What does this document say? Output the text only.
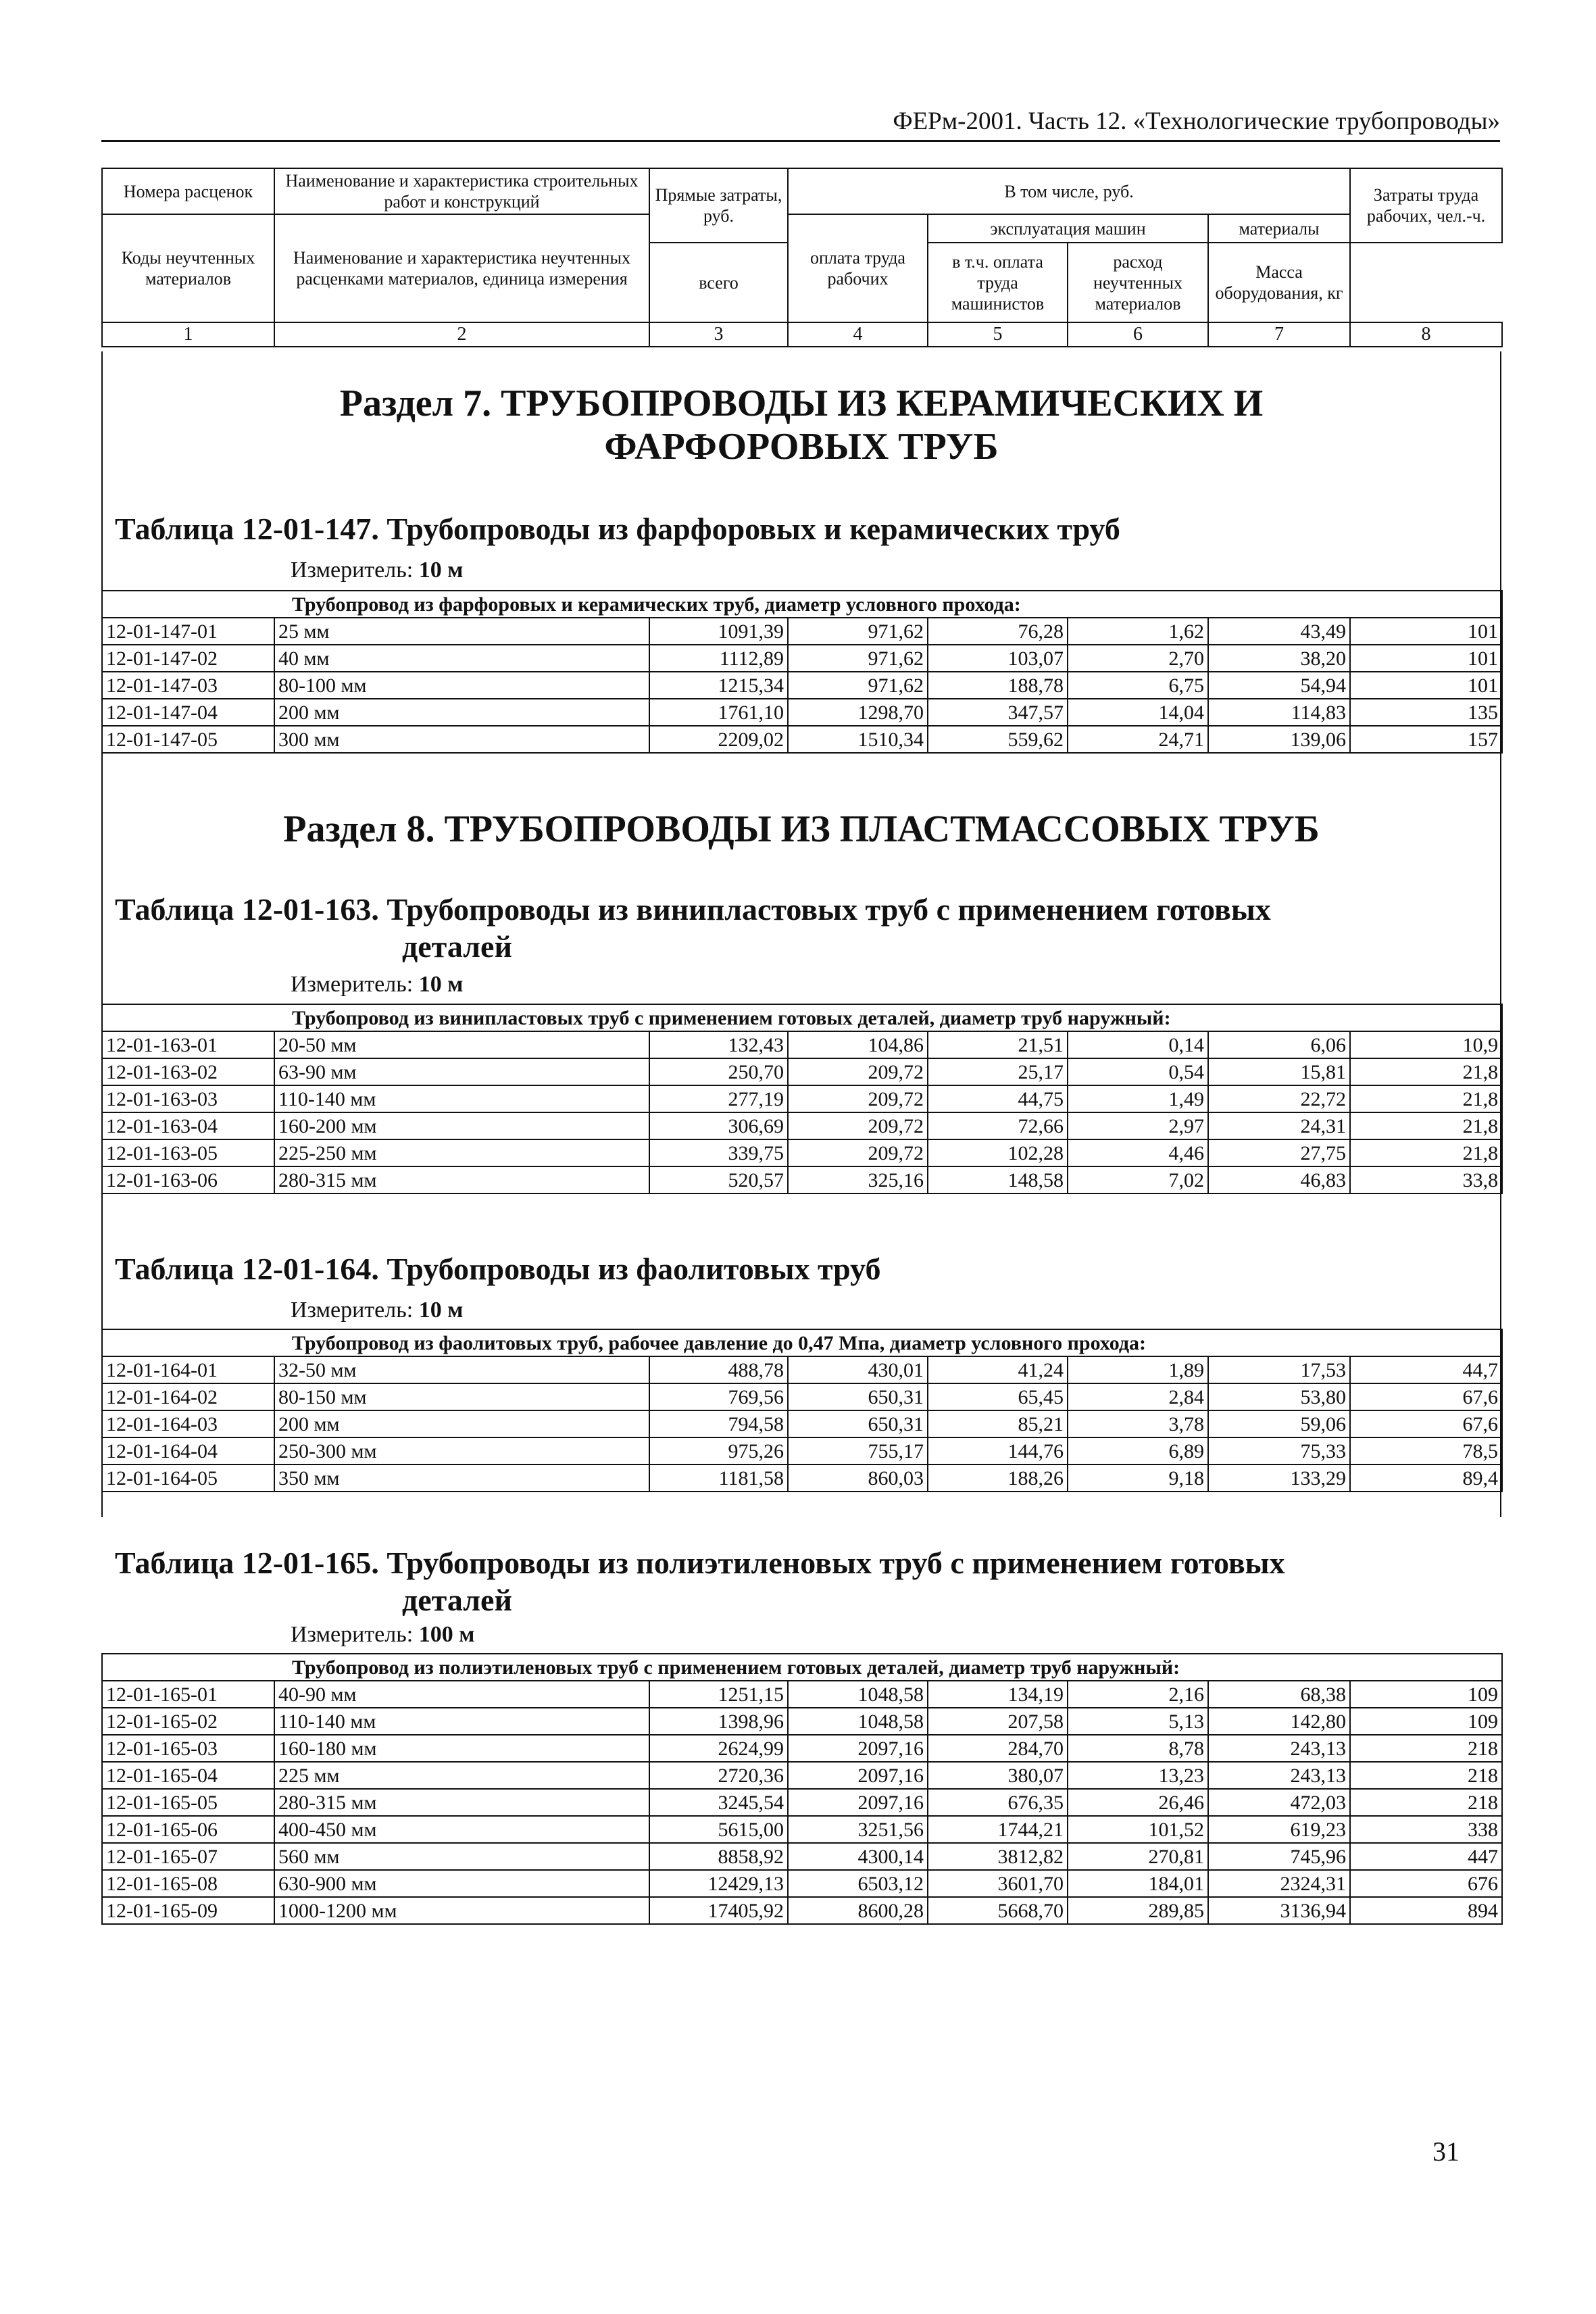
ФЕРм-2001. Часть 12. «Технологические трубопроводы»
Номера расценок	Наименование и характеристика строительных работ и конструкций	Прямые затраты, руб.	В том числе, руб.				Затраты труда рабочих, чел.-ч.
Коды неучтенных материалов	Наименование и характеристика неучтенных расценками материалов, единица измерения		оплата труда рабочих	эксплуатация машин		материалы	
		всего		в т.ч. оплата труда машинистов	расход неучтенных материалов	Масса оборудования, кг	
1	2	3	4	5	6	7	8
Раздел 7. ТРУБОПРОВОДЫ ИЗ КЕРАМИЧЕСКИХ И ФАРФОРОВЫХ ТРУБ
Таблица 12-01-147. Трубопроводы из фарфоровых и керамических труб
Измеритель: 10 м
Трубопровод из фарфоровых и керамических труб, диаметр условного прохода:							
12-01-147-01	25 мм	1091,39	971,62	76,28	1,62	43,49	101
12-01-147-02	40 мм	1112,89	971,62	103,07	2,70	38,20	101
12-01-147-03	80-100 мм	1215,34	971,62	188,78	6,75	54,94	101
12-01-147-04	200 мм	1761,10	1298,70	347,57	14,04	114,83	135
12-01-147-05	300 мм	2209,02	1510,34	559,62	24,71	139,06	157
Раздел 8. ТРУБОПРОВОДЫ ИЗ ПЛАСТМАССОВЫХ ТРУБ
Таблица 12-01-163. Трубопроводы из винипластовых труб с применением готовых
деталей
Измеритель: 10 м
Трубопровод из винипластовых труб с применением готовых деталей, диаметр труб наружный:							
12-01-163-01	20-50 мм	132,43	104,86	21,51	0,14	6,06	10,9
12-01-163-02	63-90 мм	250,70	209,72	25,17	0,54	15,81	21,8
12-01-163-03	110-140 мм	277,19	209,72	44,75	1,49	22,72	21,8
12-01-163-04	160-200 мм	306,69	209,72	72,66	2,97	24,31	21,8
12-01-163-05	225-250 мм	339,75	209,72	102,28	4,46	27,75	21,8
12-01-163-06	280-315 мм	520,57	325,16	148,58	7,02	46,83	33,8
Таблица 12-01-164. Трубопроводы из фаолитовых труб
Измеритель: 10 м
Трубопровод из фаолитовых труб, рабочее давление до 0,47 Мпа, диаметр условного прохода:							
12-01-164-01	32-50 мм	488,78	430,01	41,24	1,89	17,53	44,7
12-01-164-02	80-150 мм	769,56	650,31	65,45	2,84	53,80	67,6
12-01-164-03	200 мм	794,58	650,31	85,21	3,78	59,06	67,6
12-01-164-04	250-300 мм	975,26	755,17	144,76	6,89	75,33	78,5
12-01-164-05	350 мм	1181,58	860,03	188,26	9,18	133,29	89,4
Таблица 12-01-165. Трубопроводы из полиэтиленовых труб с применением готовых
деталей
Измеритель: 100 м
Трубопровод из полиэтиленовых труб с применением готовых деталей, диаметр труб наружный:							
12-01-165-01	40-90 мм	1251,15	1048,58	134,19	2,16	68,38	109
12-01-165-02	110-140 мм	1398,96	1048,58	207,58	5,13	142,80	109
12-01-165-03	160-180 мм	2624,99	2097,16	284,70	8,78	243,13	218
12-01-165-04	225 мм	2720,36	2097,16	380,07	13,23	243,13	218
12-01-165-05	280-315 мм	3245,54	2097,16	676,35	26,46	472,03	218
12-01-165-06	400-450 мм	5615,00	3251,56	1744,21	101,52	619,23	338
12-01-165-07	560 мм	8858,92	4300,14	3812,82	270,81	745,96	447
12-01-165-08	630-900 мм	12429,13	6503,12	3601,70	184,01	2324,31	676
12-01-165-09	1000-1200 мм	17405,92	8600,28	5668,70	289,85	3136,94	894
31
